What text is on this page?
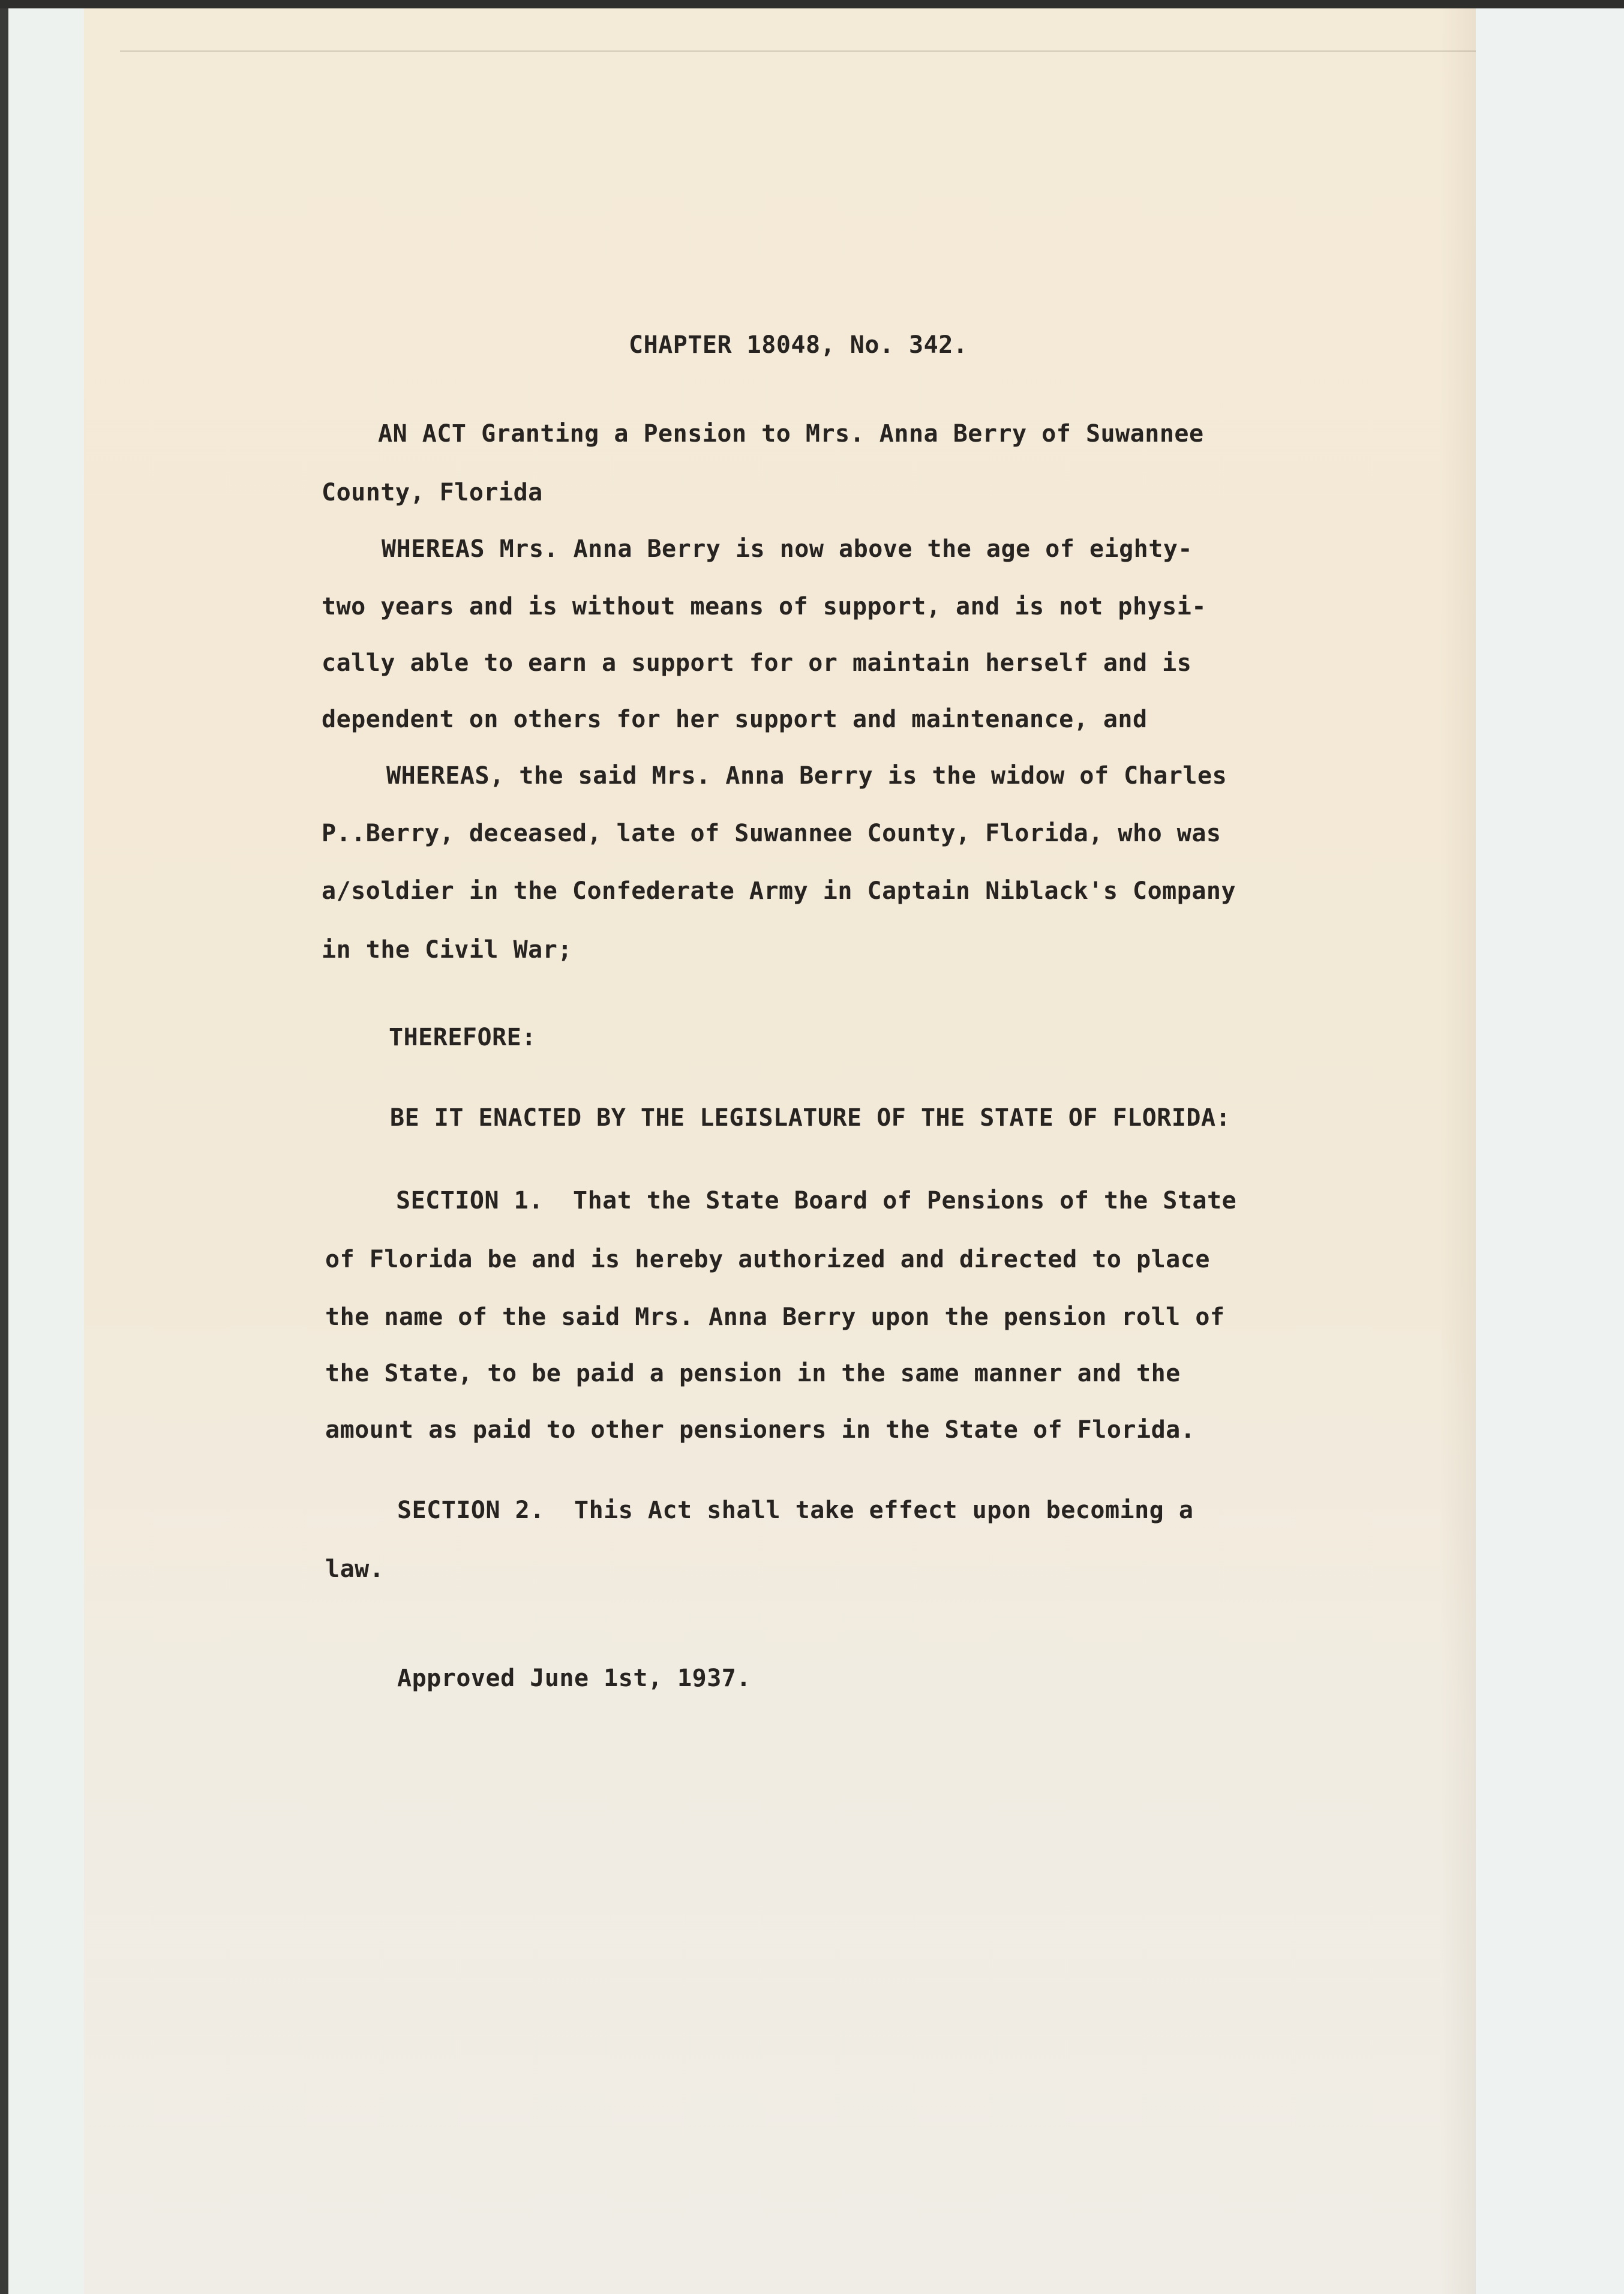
CHAPTER 18048, No. 342.

AN ACT Granting a Pension to Mrs. Anna Berry of Suwannee

County, Florida

WHEREAS Mrs. Anna Berry is now above the age of eighty-

two years and is without means of support, and is not physi-

cally able to earn a support for or maintain herself and is

dependent on others for her support and maintenance, and

WHEREAS, the said Mrs. Anna Berry is the widow of Charles

P..Berry, deceased, late of Suwannee County, Florida, who was

a/soldier in the Confederate Army in Captain Niblack's Company

in the Civil War;

THEREFORE:

BE IT ENACTED BY THE LEGISLATURE OF THE STATE OF FLORIDA:

SECTION 1.  That the State Board of Pensions of the State

of Florida be and is hereby authorized and directed to place

the name of the said Mrs. Anna Berry upon the pension roll of

the State, to be paid a pension in the same manner and the

amount as paid to other pensioners in the State of Florida.

SECTION 2.  This Act shall take effect upon becoming a

law.

Approved June 1st, 1937.
